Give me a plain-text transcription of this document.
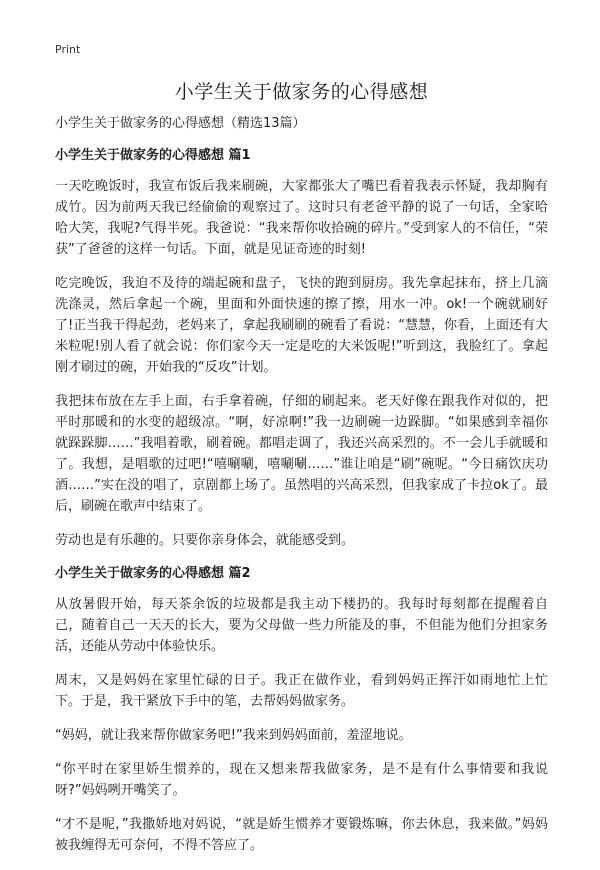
Print
小学生关于做家务的心得感想
小学生关于做家务的心得感想（精选13篇）
小学生关于做家务的心得感想 篇1

一天吃晚饭时，我宣布饭后我来刷碗，大家都张大了嘴巴看着我表示怀疑，我却胸有成竹。因为前两天我已经偷偷的观察过了。这时只有老爸平静的说了一句话，全家哈哈大笑，我呢?气得半死。我爸说：“我来帮你收拾碗的碎片。”受到家人的不信任，“荣获”了爸爸的这样一句话。下面，就是见证奇迹的时刻!

吃完晚饭，我迫不及待的端起碗和盘子，飞快的跑到厨房。我先拿起抹布，挤上几滴洗涤灵，然后拿起一个碗，里面和外面快速的擦了擦，用水一冲。ok!一个碗就刷好了!正当我干得起劲，老妈来了，拿起我刷刷的碗看了看说：“慧慧，你看，上面还有大米粒呢!别人看了就会说：你们家今天一定是吃的大米饭呢!”听到这，我脸红了。拿起刚才刷过的碗，开始我的“反攻”计划。

我把抹布放在左手上面，右手拿着碗，仔细的刷起来。老天好像在跟我作对似的，把平时那暖和的水变的超级凉。“啊，好凉啊!”我一边刷碗一边跺脚。“如果感到幸福你就跺跺脚……”我唱着歌，刷着碗。都唱走调了，我还兴高采烈的。不一会儿手就暖和了。我想，是唱歌的过吧!“嘻唰唰，嘻唰唰……”谁让咱是“刷”碗呢。“今日痛饮庆功酒……”实在没的唱了，京剧都上场了。虽然唱的兴高采烈，但我家成了卡拉ok了。最后，刷碗在歌声中结束了。

劳动也是有乐趣的。只要你亲身体会，就能感受到。

小学生关于做家务的心得感想 篇2

从放暑假开始，每天茶余饭的垃圾都是我主动下楼扔的。我每时每刻都在提醒着自己，随着自己一天天的长大，要为父母做一些力所能及的事，不但能为他们分担家务活，还能从劳动中体验快乐。

周末，又是妈妈在家里忙碌的日子。我正在做作业，看到妈妈正挥汗如雨地忙上忙下。于是，我干紧放下手中的笔，去帮妈妈做家务。

“妈妈，就让我来帮你做家务吧!”我来到妈妈面前，羞涩地说。

“你平时在家里娇生惯养的，现在又想来帮我做家务，是不是有什么事情要和我说呀?”妈妈咧开嘴笑了。

“才不是呢，”我撒娇地对妈说，“就是娇生惯养才要锻炼嘛，你去休息，我来做。”妈妈被我缠得无可奈何，不得不答应了。
